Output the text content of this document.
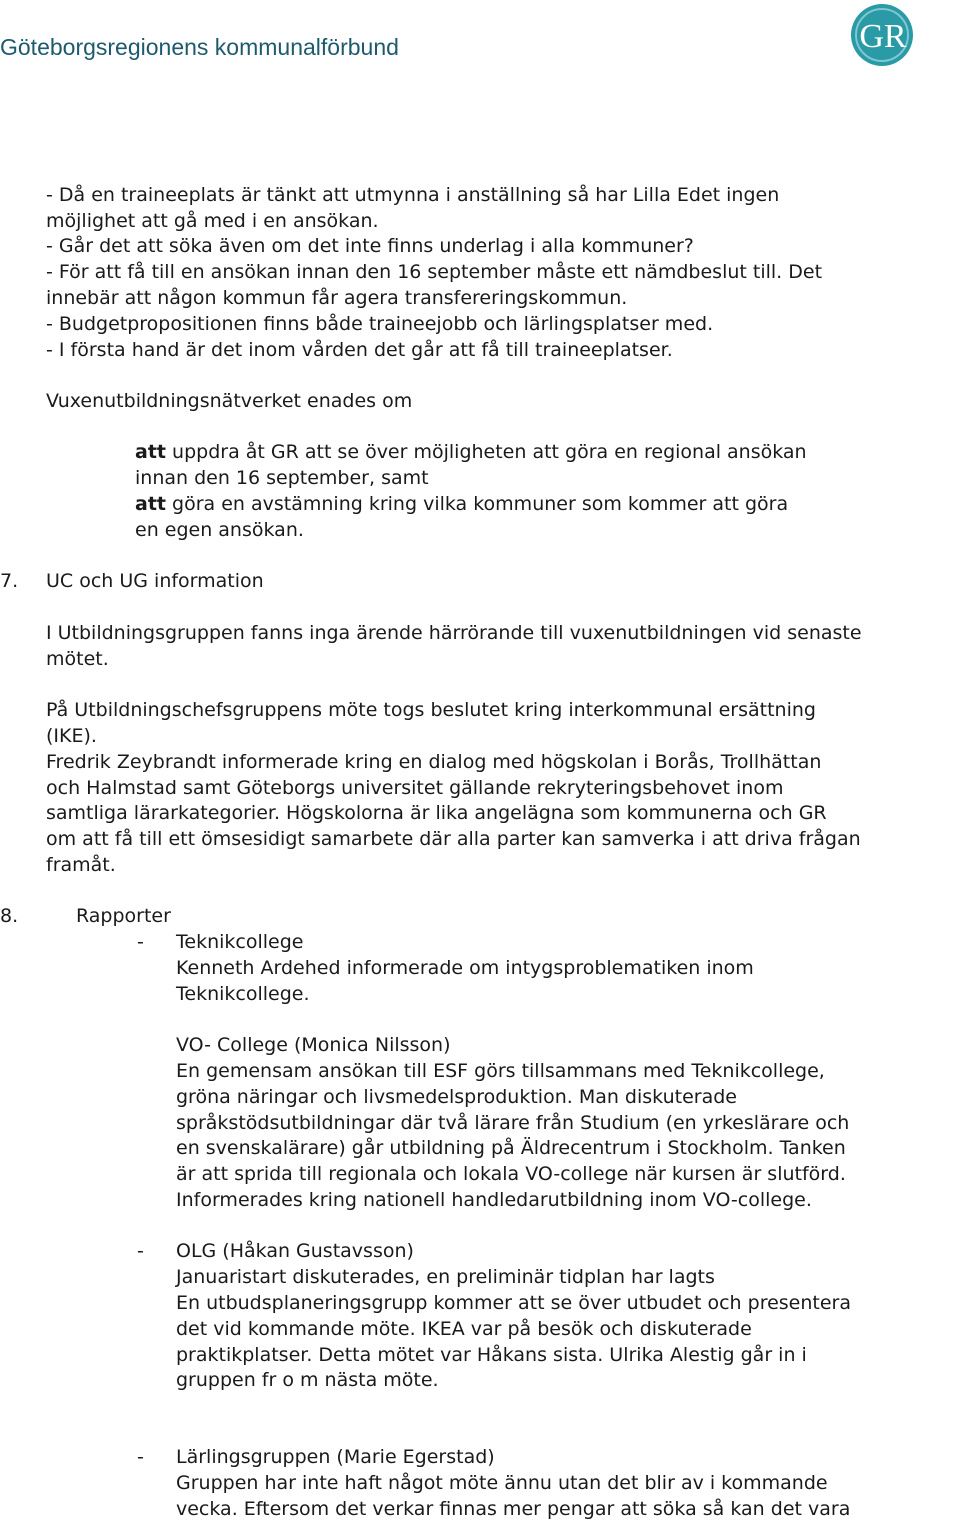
Göteborgsregionens kommunalförbund	GR
- Då en traineeplats är tänkt att utmynna i anställning så har Lilla Edet ingen
möjlighet att gå med i en ansökan.
- Går det att söka även om det inte finns underlag i alla kommuner?
- För att få till en ansökan innan den 16 september måste ett nämdbeslut till. Det
innebär att någon kommun får agera transfereringskommun.
- Budgetpropositionen finns både traineejobb och lärlingsplatser med.
- I första hand är det inom vården det går att få till traineeplatser.
Vuxenutbildningsnätverket enades om
att uppdra åt GR att se över möjligheten att göra en regional ansökan
innan den 16 september, samt
att göra en avstämning kring vilka kommuner som kommer att göra
en egen ansökan.
7. UC och UG information
I Utbildningsgruppen fanns inga ärende härrörande till vuxenutbildningen vid senaste
mötet.
På Utbildningschefsgruppens möte togs beslutet kring interkommunal ersättning
(IKE).
Fredrik Zeybrandt informerade kring en dialog med högskolan i Borås, Trollhättan
och Halmstad samt Göteborgs universitet gällande rekryteringsbehovet inom
samtliga lärarkategorier. Högskolorna är lika angelägna som kommunerna och GR
om att få till ett ömsesidigt samarbete där alla parter kan samverka i att driva frågan
framåt.
8.	Rapporter
- Teknikcollege
Kenneth Ardehed informerade om intygsproblematiken inom
Teknikcollege.
VO- College (Monica Nilsson)
En gemensam ansökan till ESF görs tillsammans med Teknikcollege,
gröna näringar och livsmedelsproduktion. Man diskuterade
språkstödsutbildningar där två lärare från Studium (en yrkeslärare och
en svenskalärare) går utbildning på Äldrecentrum i Stockholm. Tanken
är att sprida till regionala och lokala VO-college när kursen är slutförd.
Informerades kring nationell handledarutbildning inom VO-college.
- OLG (Håkan Gustavsson)
Januaristart diskuterades, en preliminär tidplan har lagts
En utbudsplaneringsgrupp kommer att se över utbudet och presentera
det vid kommande möte. IKEA var på besök och diskuterade
praktikplatser. Detta mötet var Håkans sista. Ulrika Alestig går in i
gruppen fr o m nästa möte.
- Lärlingsgruppen (Marie Egerstad)
Gruppen har inte haft något möte ännu utan det blir av i kommande
vecka. Eftersom det verkar finnas mer pengar att söka så kan det vara
